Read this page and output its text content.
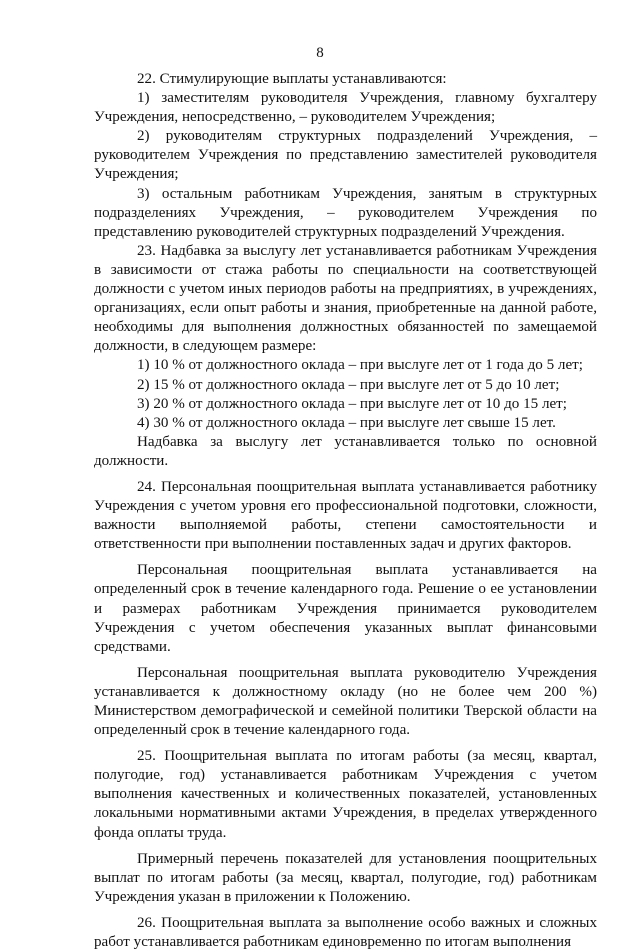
8

22. Стимулирующие выплаты устанавливаются:

1) заместителям руководителя Учреждения, главному бухгалтеру Учреждения, непосредственно, – руководителем Учреждения;

2) руководителям структурных подразделений Учреждения, – руководителем Учреждения по представлению заместителей руководителя Учреждения;

3) остальным работникам Учреждения, занятым в структурных подразделениях Учреждения, – руководителем Учреждения по представлению руководителей структурных подразделений Учреждения.

23. Надбавка за выслугу лет устанавливается работникам Учреждения в зависимости от стажа работы по специальности на соответствующей должности с учетом иных периодов работы на предприятиях, в учреждениях, организациях, если опыт работы и знания, приобретенные на данной работе, необходимы для выполнения должностных обязанностей по замещаемой должности, в следующем размере:

1) 10 % от должностного оклада – при выслуге лет от 1 года до 5 лет;

2) 15 % от должностного оклада – при выслуге лет от 5 до 10 лет;

3) 20 % от должностного оклада – при выслуге лет от 10 до 15 лет;

4) 30 % от должностного оклада – при выслуге лет свыше 15 лет.

Надбавка за выслугу лет устанавливается только по основной должности.

24. Персональная поощрительная выплата устанавливается работнику Учреждения с учетом уровня его профессиональной подготовки, сложности, важности выполняемой работы, степени самостоятельности и ответственности при выполнении поставленных задач и других факторов.

Персональная поощрительная выплата устанавливается на определенный срок в течение календарного года. Решение о ее установлении и размерах работникам Учреждения принимается руководителем Учреждения с учетом обеспечения указанных выплат финансовыми средствами.

Персональная поощрительная выплата руководителю Учреждения устанавливается к должностному окладу (но не более чем 200 %) Министерством демографической и семейной политики Тверской области на определенный срок в течение календарного года.

25. Поощрительная выплата по итогам работы (за месяц, квартал, полугодие, год) устанавливается работникам Учреждения с учетом выполнения качественных и количественных показателей, установленных локальными нормативными актами Учреждения, в пределах утвержденного фонда оплаты труда.

Примерный перечень показателей для установления поощрительных выплат по итогам работы (за месяц, квартал, полугодие, год) работникам Учреждения указан в приложении к Положению.

26. Поощрительная выплата за выполнение особо важных и сложных работ устанавливается работникам единовременно по итогам выполнения
